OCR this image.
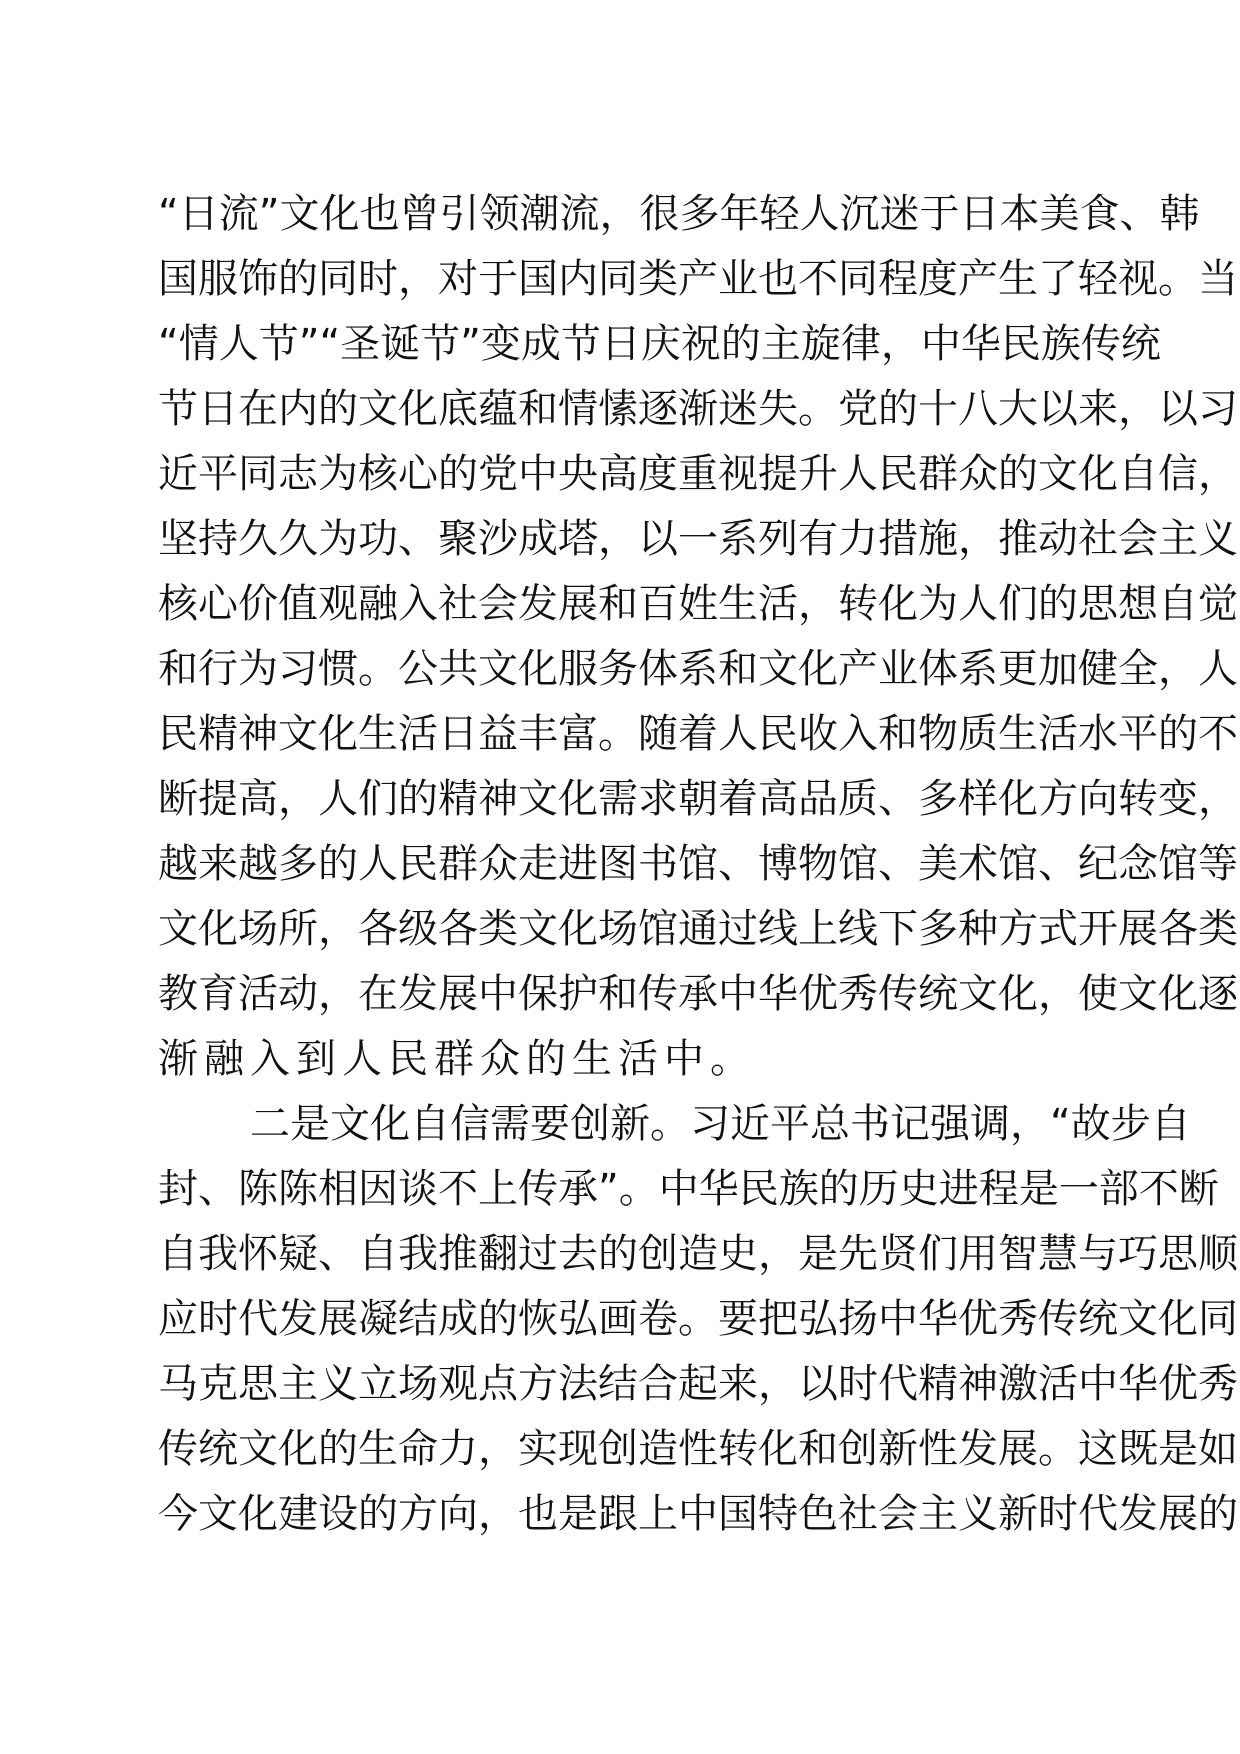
“日流”文化也曾引领潮流，很多年轻人沉迷于日本美食、韩
国服饰的同时，对于国内同类产业也不同程度产生了轻视。当
“情人节”“圣诞节”变成节日庆祝的主旋律，中华民族传统
节日在内的文化底蕴和情愫逐渐迷失。党的十八大以来，以习
近平同志为核心的党中央高度重视提升人民群众的文化自信，
坚持久久为功、聚沙成塔，以一系列有力措施，推动社会主义
核心价值观融入社会发展和百姓生活，转化为人们的思想自觉
和行为习惯。公共文化服务体系和文化产业体系更加健全，人
民精神文化生活日益丰富。随着人民收入和物质生活水平的不
断提高，人们的精神文化需求朝着高品质、多样化方向转变，
越来越多的人民群众走进图书馆、博物馆、美术馆、纪念馆等
文化场所，各级各类文化场馆通过线上线下多种方式开展各类
教育活动，在发展中保护和传承中华优秀传统文化，使文化逐
渐融入到人民群众的生活中。
二是文化自信需要创新。习近平总书记强调，“故步自
封、陈陈相因谈不上传承”。中华民族的历史进程是一部不断
自我怀疑、自我推翻过去的创造史，是先贤们用智慧与巧思顺
应时代发展凝结成的恢弘画卷。要把弘扬中华优秀传统文化同
马克思主义立场观点方法结合起来，以时代精神激活中华优秀
传统文化的生命力，实现创造性转化和创新性发展。这既是如
今文化建设的方向，也是跟上中国特色社会主义新时代发展的
